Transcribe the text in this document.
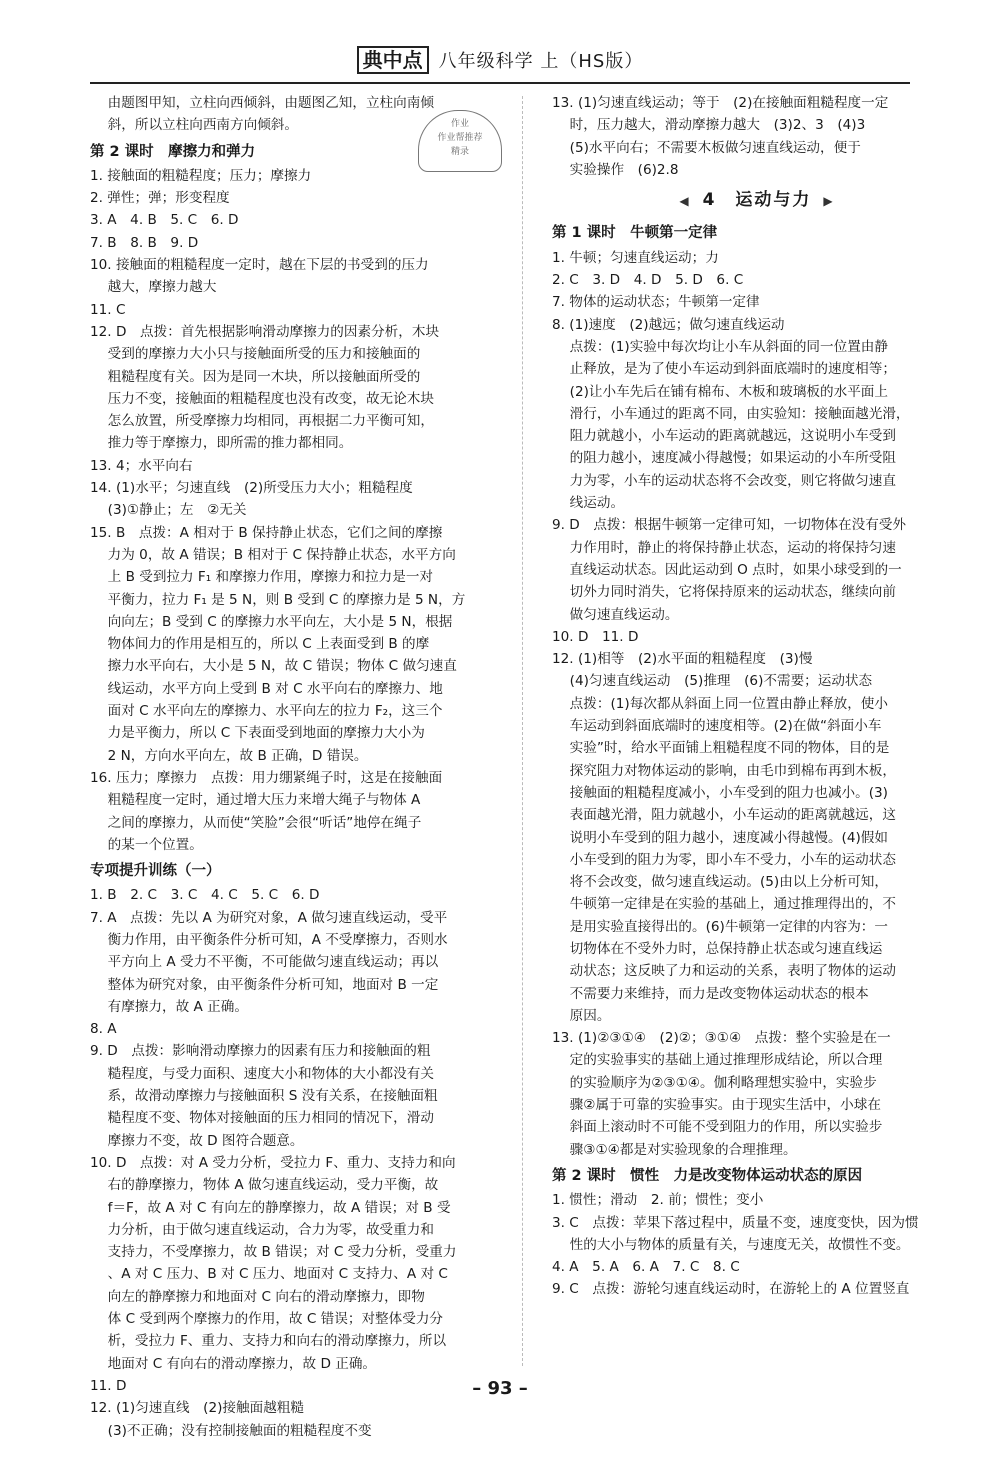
典中点 八年级科学 上（HS版）
作业
作业帮推荐
精录
由题图甲知，立柱向西倾斜，由题图乙知，立柱向南倾
斜，所以立柱向西南方向倾斜。
第 2 课时　摩擦力和弹力
1. 接触面的粗糙程度；压力；摩擦力
2. 弹性；弹；形变程度
3. A　4. B　5. C　6. D
7. B　8. B　9. D
10. 接触面的粗糙程度一定时，越在下层的书受到的压力
越大，摩擦力越大
11. C
12. D　点拨：首先根据影响滑动摩擦力的因素分析，木块
受到的摩擦力大小只与接触面所受的压力和接触面的
粗糙程度有关。因为是同一木块，所以接触面所受的
压力不变，接触面的粗糙程度也没有改变，故无论木块
怎么放置，所受摩擦力均相同，再根据二力平衡可知，
推力等于摩擦力，即所需的推力都相同。
13. 4；水平向右
14. (1)水平；匀速直线　(2)所受压力大小；粗糙程度
(3)①静止；左　②无关
15. B　点拨：A 相对于 B 保持静止状态，它们之间的摩擦
力为 0，故 A 错误；B 相对于 C 保持静止状态，水平方向
上 B 受到拉力 F₁ 和摩擦力作用，摩擦力和拉力是一对
平衡力，拉力 F₁ 是 5 N，则 B 受到 C 的摩擦力是 5 N，方
向向左；B 受到 C 的摩擦力水平向左，大小是 5 N，根据
物体间力的作用是相互的，所以 C 上表面受到 B 的摩
擦力水平向右，大小是 5 N，故 C 错误；物体 C 做匀速直
线运动，水平方向上受到 B 对 C 水平向右的摩擦力、地
面对 C 水平向左的摩擦力、水平向左的拉力 F₂，这三个
力是平衡力，所以 C 下表面受到地面的摩擦力大小为
2 N，方向水平向左，故 B 正确，D 错误。
16. 压力；摩擦力　点拨：用力绷紧绳子时，这是在接触面
粗糙程度一定时，通过增大压力来增大绳子与物体 A
之间的摩擦力，从而使“笑脸”会很“听话”地停在绳子
的某一个位置。
专项提升训练（一）
1. B　2. C　3. C　4. C　5. C　6. D
7. A　点拨：先以 A 为研究对象，A 做匀速直线运动，受平
衡力作用，由平衡条件分析可知，A 不受摩擦力，否则水
平方向上 A 受力不平衡，不可能做匀速直线运动；再以
整体为研究对象，由平衡条件分析可知，地面对 B 一定
有摩擦力，故 A 正确。
8. A
9. D　点拨：影响滑动摩擦力的因素有压力和接触面的粗
糙程度，与受力面积、速度大小和物体的大小都没有关
系，故滑动摩擦力与接触面积 S 没有关系，在接触面粗
糙程度不变、物体对接触面的压力相同的情况下，滑动
摩擦力不变，故 D 图符合题意。
10. D　点拨：对 A 受力分析，受拉力 F、重力、支持力和向
右的静摩擦力，物体 A 做匀速直线运动，受力平衡，故
f＝F，故 A 对 C 有向左的静摩擦力，故 A 错误；对 B 受
力分析，由于做匀速直线运动，合力为零，故受重力和
支持力，不受摩擦力，故 B 错误；对 C 受力分析，受重力
、A 对 C 压力、B 对 C 压力、地面对 C 支持力、A 对 C
向左的静摩擦力和地面对 C 向右的滑动摩擦力，即物
体 C 受到两个摩擦力的作用，故 C 错误；对整体受力分
析，受拉力 F、重力、支持力和向右的滑动摩擦力，所以
地面对 C 有向右的滑动摩擦力，故 D 正确。
11. D
12. (1)匀速直线　(2)接触面越粗糙
(3)不正确；没有控制接触面的粗糙程度不变
13. (1)匀速直线运动；等于　(2)在接触面粗糙程度一定
时，压力越大，滑动摩擦力越大　(3)2、3　(4)3
(5)水平向右；不需要木板做匀速直线运动，便于
实验操作　(6)2.8
◀ 4　运动与力 ▶
第 1 课时　牛顿第一定律
1. 牛顿；匀速直线运动；力
2. C　3. D　4. D　5. D　6. C
7. 物体的运动状态；牛顿第一定律
8. (1)速度　(2)越远；做匀速直线运动
点拨：(1)实验中每次均让小车从斜面的同一位置由静
止释放，是为了使小车运动到斜面底端时的速度相等；
(2)让小车先后在铺有棉布、木板和玻璃板的水平面上
滑行，小车通过的距离不同，由实验知：接触面越光滑，
阻力就越小，小车运动的距离就越远，这说明小车受到
的阻力越小，速度减小得越慢；如果运动的小车所受阻
力为零，小车的运动状态将不会改变，则它将做匀速直
线运动。
9. D　点拨：根据牛顿第一定律可知，一切物体在没有受外
力作用时，静止的将保持静止状态，运动的将保持匀速
直线运动状态。因此运动到 O 点时，如果小球受到的一
切外力同时消失，它将保持原来的运动状态，继续向前
做匀速直线运动。
10. D　11. D
12. (1)相等　(2)水平面的粗糙程度　(3)慢
(4)匀速直线运动　(5)推理　(6)不需要；运动状态
点拨：(1)每次都从斜面上同一位置由静止释放，使小
车运动到斜面底端时的速度相等。(2)在做“斜面小车
实验”时，给水平面铺上粗糙程度不同的物体，目的是
探究阻力对物体运动的影响，由毛巾到棉布再到木板，
接触面的粗糙程度减小，小车受到的阻力也减小。(3)
表面越光滑，阻力就越小，小车运动的距离就越远，这
说明小车受到的阻力越小，速度减小得越慢。(4)假如
小车受到的阻力为零，即小车不受力，小车的运动状态
将不会改变，做匀速直线运动。(5)由以上分析可知，
牛顿第一定律是在实验的基础上，通过推理得出的，不
是用实验直接得出的。(6)牛顿第一定律的内容为：一
切物体在不受外力时，总保持静止状态或匀速直线运
动状态；这反映了力和运动的关系，表明了物体的运动
不需要力来维持，而力是改变物体运动状态的根本
原因。
13. (1)②③①④　(2)②；③①④　点拨：整个实验是在一
定的实验事实的基础上通过推理形成结论，所以合理
的实验顺序为②③①④。伽利略理想实验中，实验步
骤②属于可靠的实验事实。由于现实生活中，小球在
斜面上滚动时不可能不受到阻力的作用，所以实验步
骤③①④都是对实验现象的合理推理。
第 2 课时　惯性　力是改变物体运动状态的原因
1. 惯性；滑动　2. 前；惯性；变小
3. C　点拨：苹果下落过程中，质量不变，速度变快，因为惯
性的大小与物体的质量有关，与速度无关，故惯性不变。
4. A　5. A　6. A　7. C　8. C
9. C　点拨：游轮匀速直线运动时，在游轮上的 A 位置竖直
– 93 –
